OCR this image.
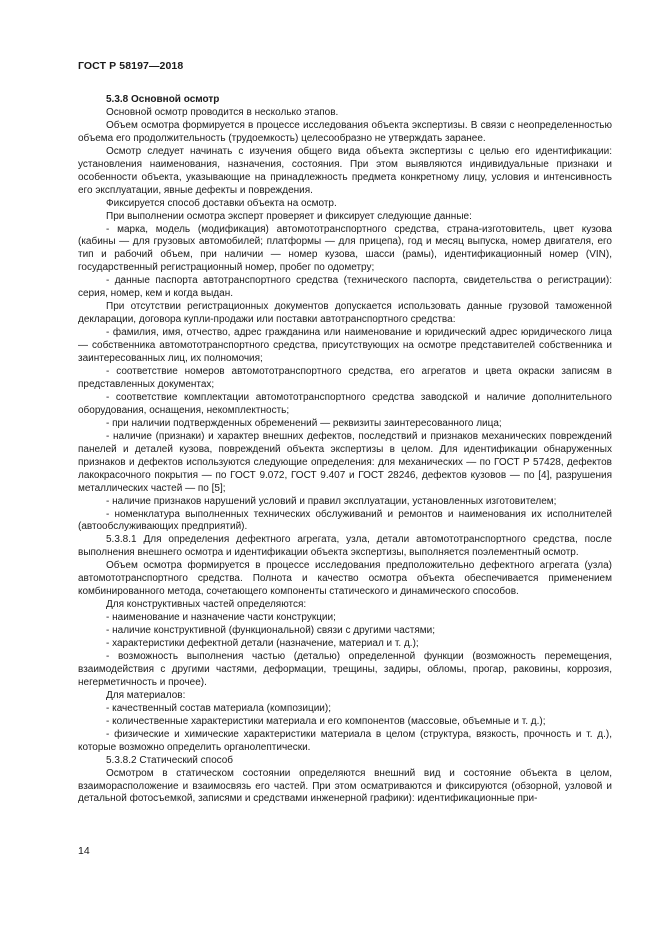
ГОСТ Р 58197—2018

5.3.8 Основной осмотр

Основной осмотр проводится в несколько этапов.

Объем осмотра формируется в процессе исследования объекта экспертизы. В связи с неопределенностью объема его продолжительность (трудоемкость) целесообразно не утверждать заранее.

Осмотр следует начинать с изучения общего вида объекта экспертизы с целью его идентификации: установления наименования, назначения, состояния. При этом выявляются индивидуальные признаки и особенности объекта, указывающие на принадлежность предмета конкретному лицу, условия и интенсивность его эксплуатации, явные дефекты и повреждения.

Фиксируется способ доставки объекта на осмотр.

При выполнении осмотра эксперт проверяет и фиксирует следующие данные:

- марка, модель (модификация) автомототранспортного средства, страна-изготовитель, цвет кузова (кабины — для грузовых автомобилей; платформы — для прицепа), год и месяц выпуска, номер двигателя, его тип и рабочий объем, при наличии — номер кузова, шасси (рамы), идентификационный номер (VIN), государственный регистрационный номер, пробег по одометру;

- данные паспорта автотранспортного средства (технического паспорта, свидетельства о регистрации): серия, номер, кем и когда выдан.

При отсутствии регистрационных документов допускается использовать данные грузовой таможенной декларации, договора купли-продажи или поставки автотранспортного средства:

- фамилия, имя, отчество, адрес гражданина или наименование и юридический адрес юридического лица — собственника автомототранспортного средства, присутствующих на осмотре представителей собственника и заинтересованных лиц, их полномочия;

- соответствие номеров автомототранспортного средства, его агрегатов и цвета окраски записям в представленных документах;

- соответствие комплектации автомототранспортного средства заводской и наличие дополнительного оборудования, оснащения, некомплектность;

- при наличии подтвержденных обременений — реквизиты заинтересованного лица;

- наличие (признаки) и характер внешних дефектов, последствий и признаков механических повреждений панелей и деталей кузова, повреждений объекта экспертизы в целом. Для идентификации обнаруженных признаков и дефектов используются следующие определения: для механических — по ГОСТ Р 57428, дефектов лакокрасочного покрытия — по ГОСТ 9.072, ГОСТ 9.407 и ГОСТ 28246, дефектов кузовов — по [4], разрушения металлических частей — по [5];

- наличие признаков нарушений условий и правил эксплуатации, установленных изготовителем;

- номенклатура выполненных технических обслуживаний и ремонтов и наименования их исполнителей (автообслуживающих предприятий).

5.3.8.1 Для определения дефектного агрегата, узла, детали автомототранспортного средства, после выполнения внешнего осмотра и идентификации объекта экспертизы, выполняется поэлементный осмотр.

Объем осмотра формируется в процессе исследования предположительно дефектного агрегата (узла) автомототранспортного средства. Полнота и качество осмотра объекта обеспечивается применением комбинированного метода, сочетающего компоненты статического и динамического способов.

Для конструктивных частей определяются:

- наименование и назначение части конструкции;

- наличие конструктивной (функциональной) связи с другими частями;

- характеристики дефектной детали (назначение, материал и т. д.);

- возможность выполнения частью (деталью) определенной функции (возможность перемещения, взаимодействия с другими частями, деформации, трещины, задиры, обломы, прогар, раковины, коррозия, негерметичность и прочее).

Для материалов:

- качественный состав материала (композиции);

- количественные характеристики материала и его компонентов (массовые, объемные и т. д.);

- физические и химические характеристики материала в целом (структура, вязкость, прочность и т. д.), которые возможно определить органолептически.

5.3.8.2 Статический способ

Осмотром в статическом состоянии определяются внешний вид и состояние объекта в целом, взаиморасположение и взаимосвязь его частей. При этом осматриваются и фиксируются (обзорной, узловой и детальной фотосъемкой, записями и средствами инженерной графики): идентификационные при-

14
